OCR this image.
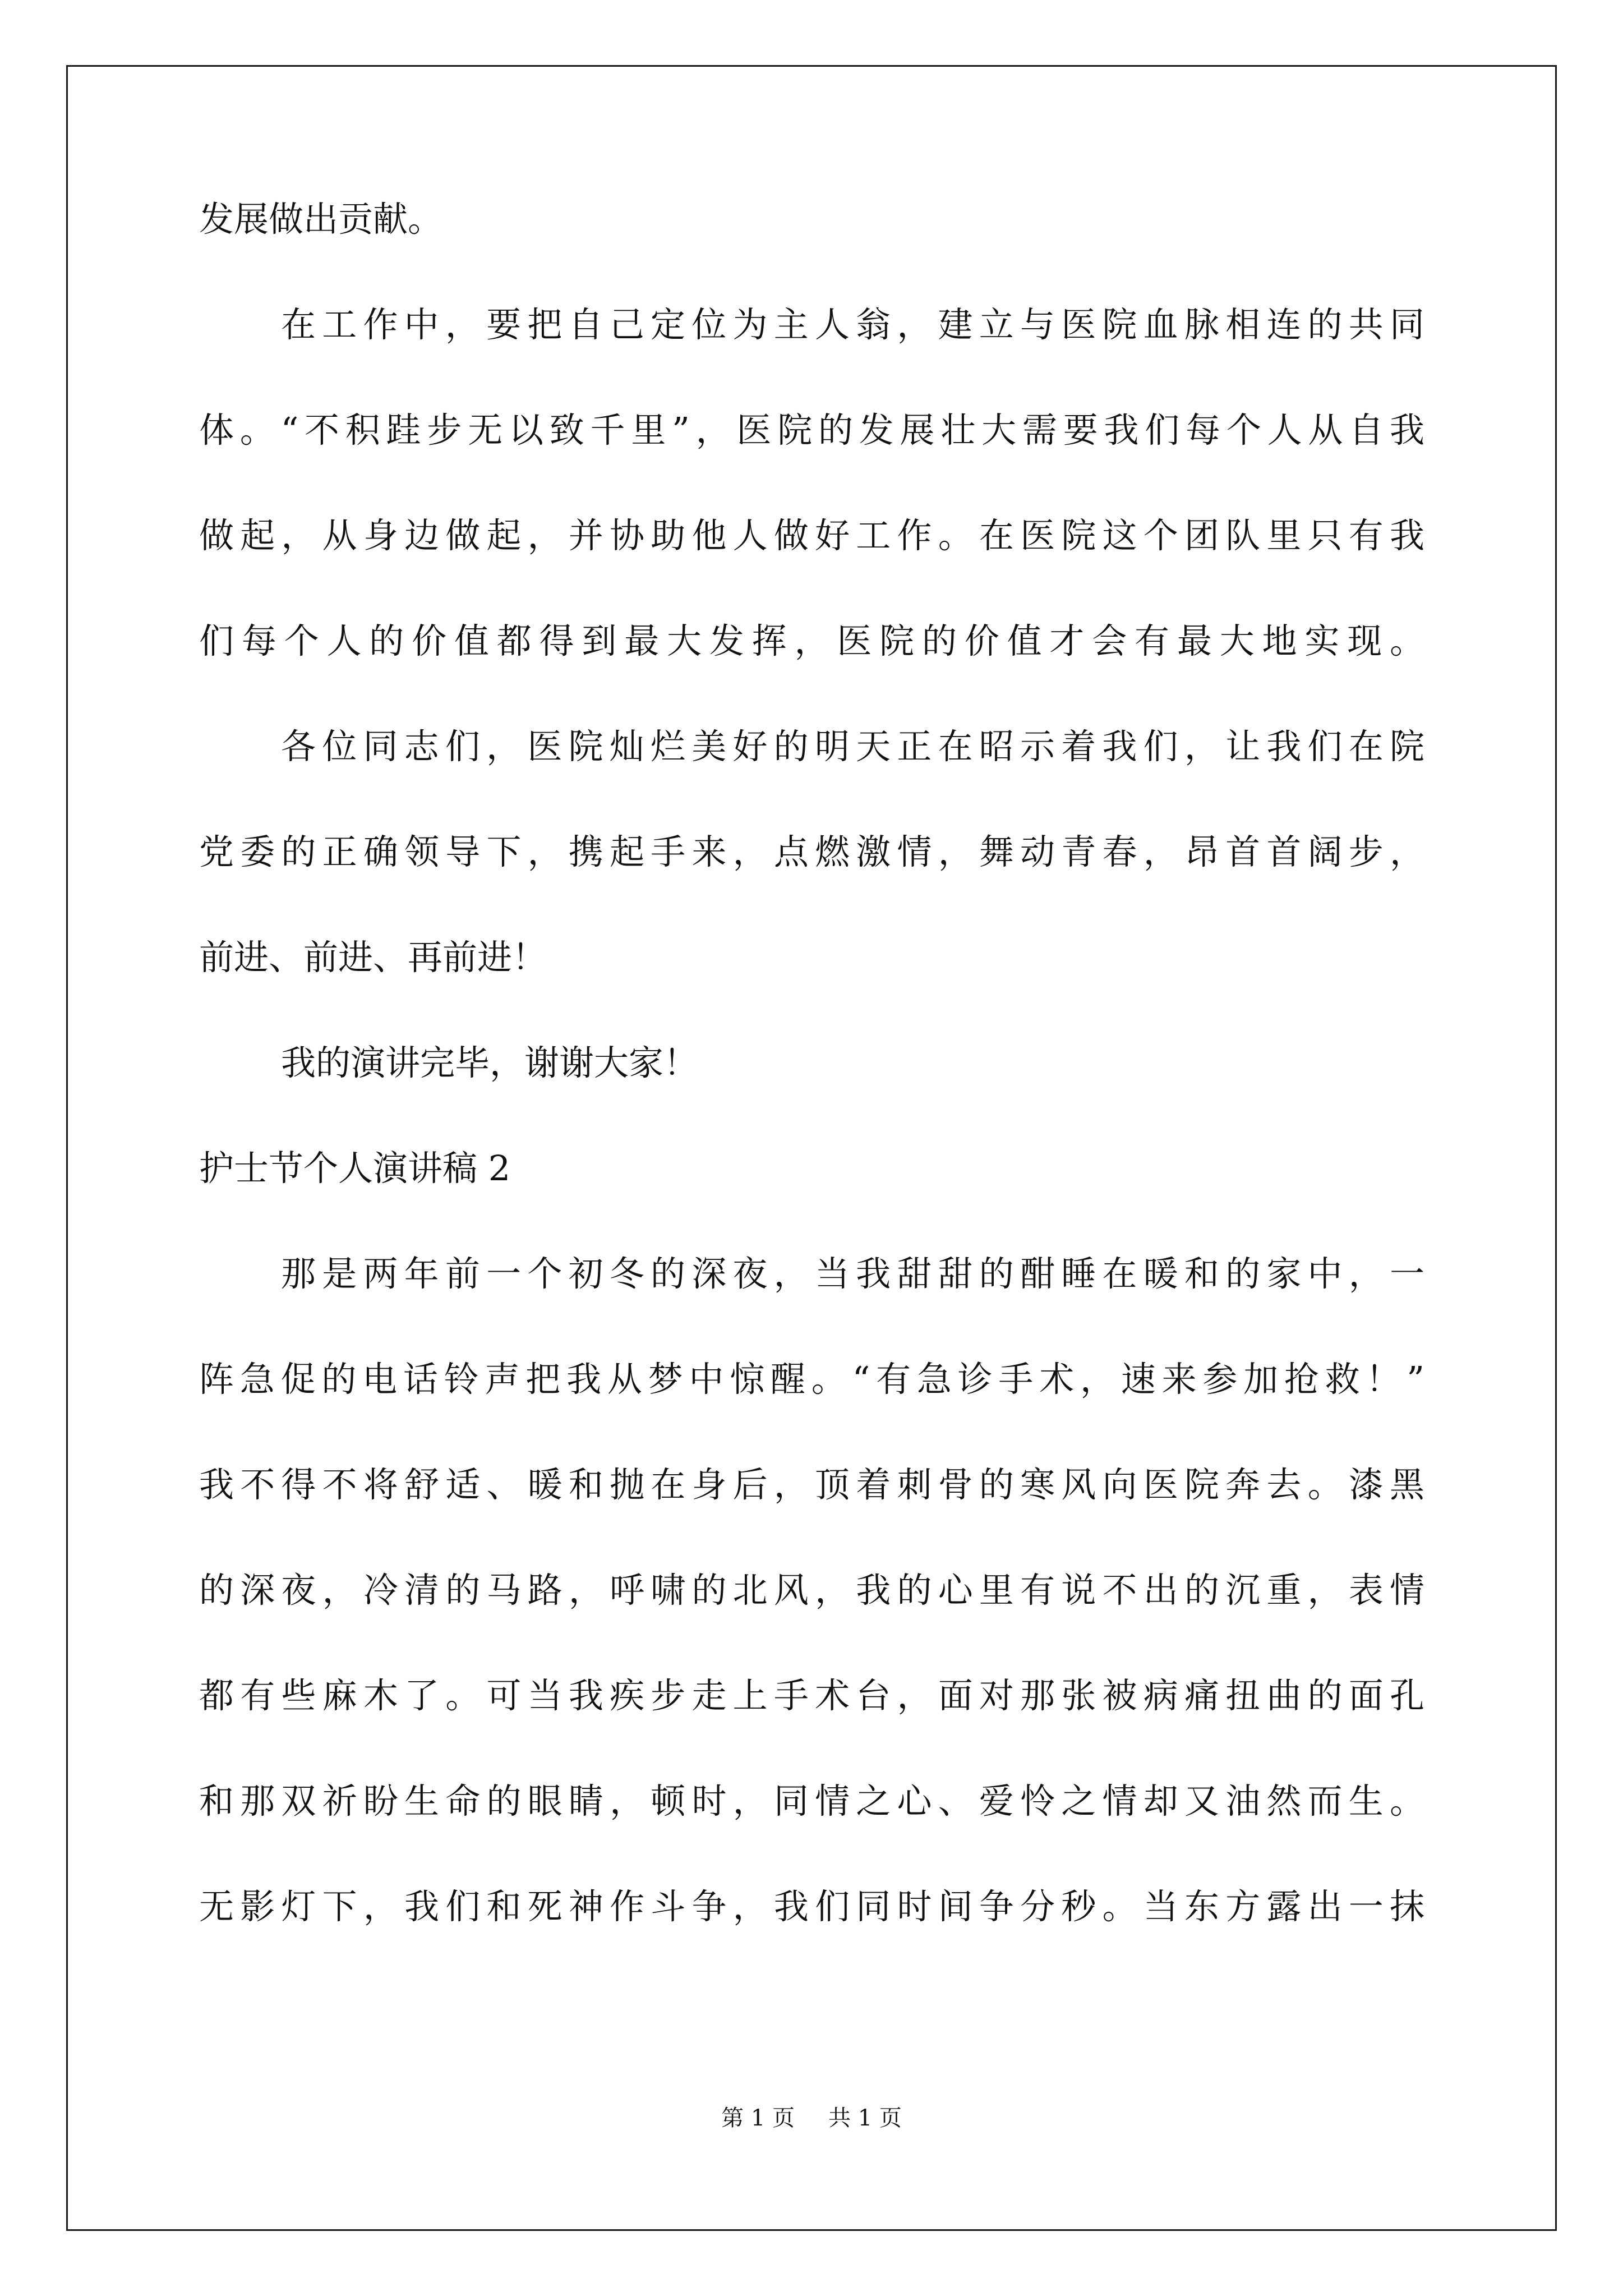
发展做出贡献。
在工作中，要把自己定位为主人翁，建立与医院血脉相连的共同
体。“不积跬步无以致千里”，医院的发展壮大需要我们每个人从自我
做起，从身边做起，并协助他人做好工作。在医院这个团队里只有我
们每个人的价值都得到最大发挥，医院的价值才会有最大地实现。
各位同志们，医院灿烂美好的明天正在昭示着我们，让我们在院
党委的正确领导下，携起手来，点燃激情，舞动青春，昂首首阔步，
前进、前进、再前进！
我的演讲完毕，谢谢大家！
护士节个人演讲稿 2
那是两年前一个初冬的深夜，当我甜甜的酣睡在暖和的家中，一
阵急促的电话铃声把我从梦中惊醒。“有急诊手术，速来参加抢救！”
我不得不将舒适、暖和抛在身后，顶着刺骨的寒风向医院奔去。漆黑
的深夜，冷清的马路，呼啸的北风，我的心里有说不出的沉重，表情
都有些麻木了。可当我疾步走上手术台，面对那张被病痛扭曲的面孔
和那双祈盼生命的眼睛，顿时，同情之心、爱怜之情却又油然而生。
无影灯下，我们和死神作斗争，我们同时间争分秒。当东方露出一抹
第 1 页 共 1 页
